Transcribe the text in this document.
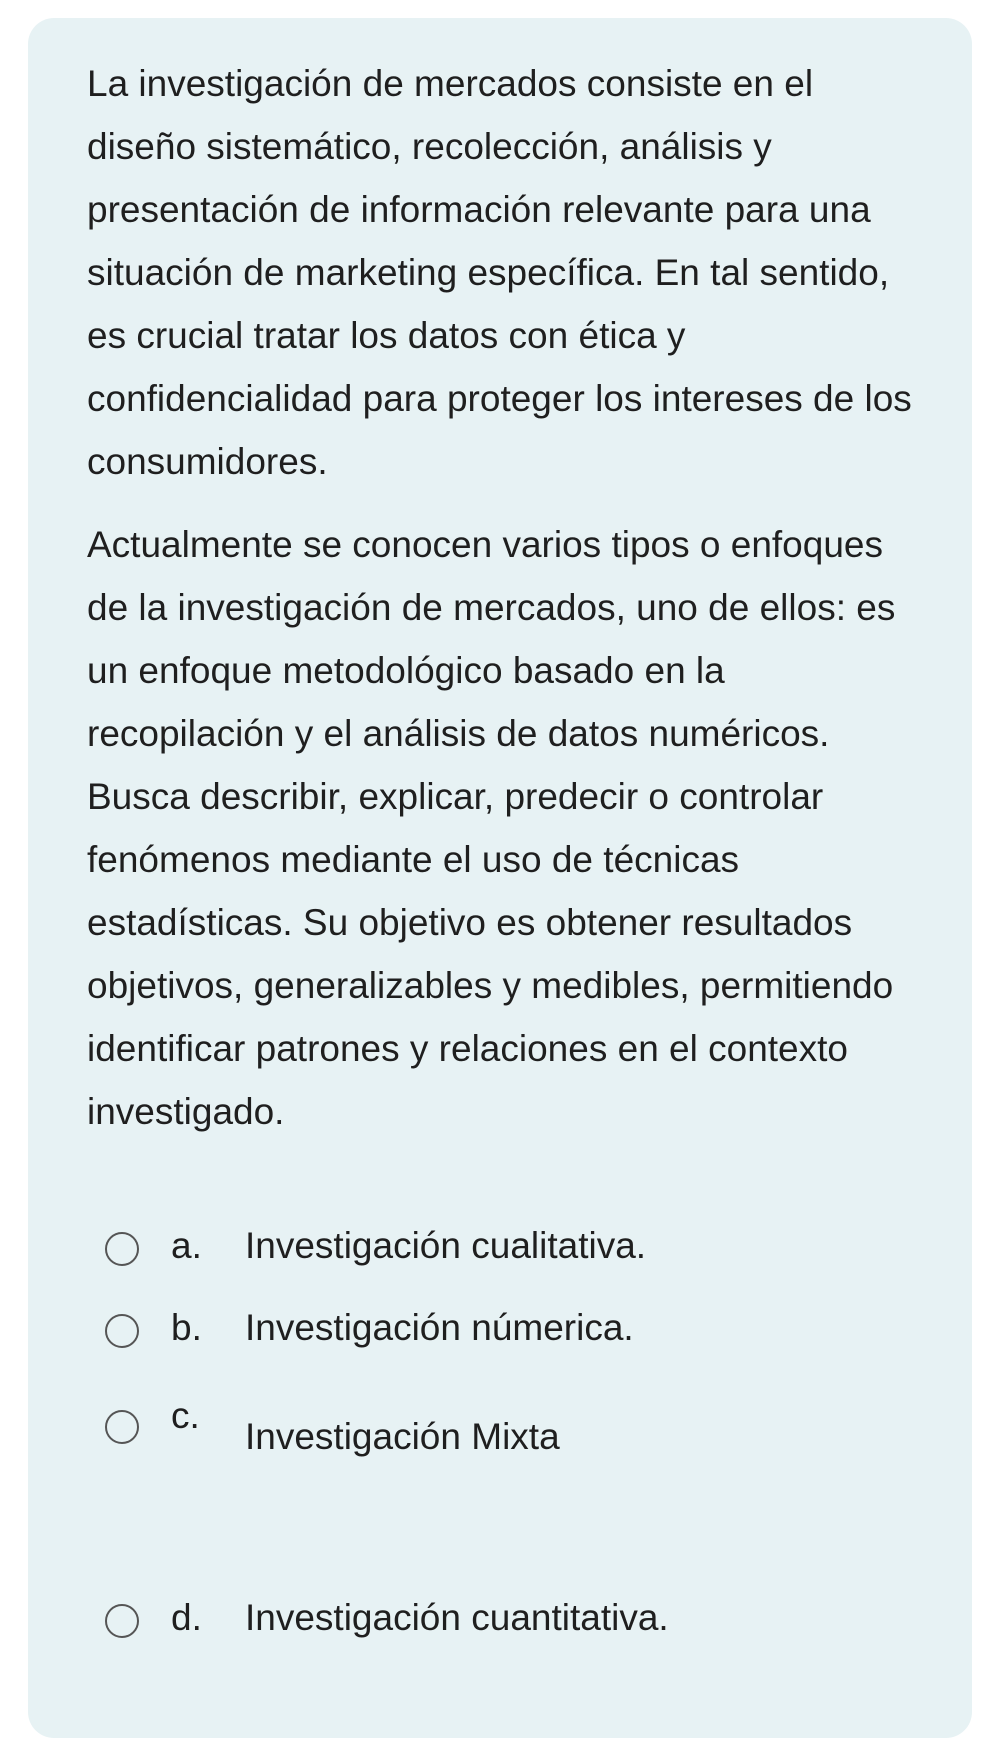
La investigación de mercados consiste en el diseño sistemático, recolección, análisis y presentación de información relevante para una situación de marketing específica. En tal sentido, es crucial tratar los datos con ética y confidencialidad para proteger los intereses de los consumidores.

Actualmente se conocen varios tipos o enfoques de la investigación de mercados, uno de ellos: es un enfoque metodológico basado en la recopilación y el análisis de datos numéricos. Busca describir, explicar, predecir o controlar fenómenos mediante el uso de técnicas estadísticas. Su objetivo es obtener resultados objetivos, generalizables y medibles, permitiendo identificar patrones y relaciones en el contexto investigado.

a. Investigación cualitativa.
b. Investigación númerica.
c.
Investigación Mixta
d. Investigación cuantitativa.
